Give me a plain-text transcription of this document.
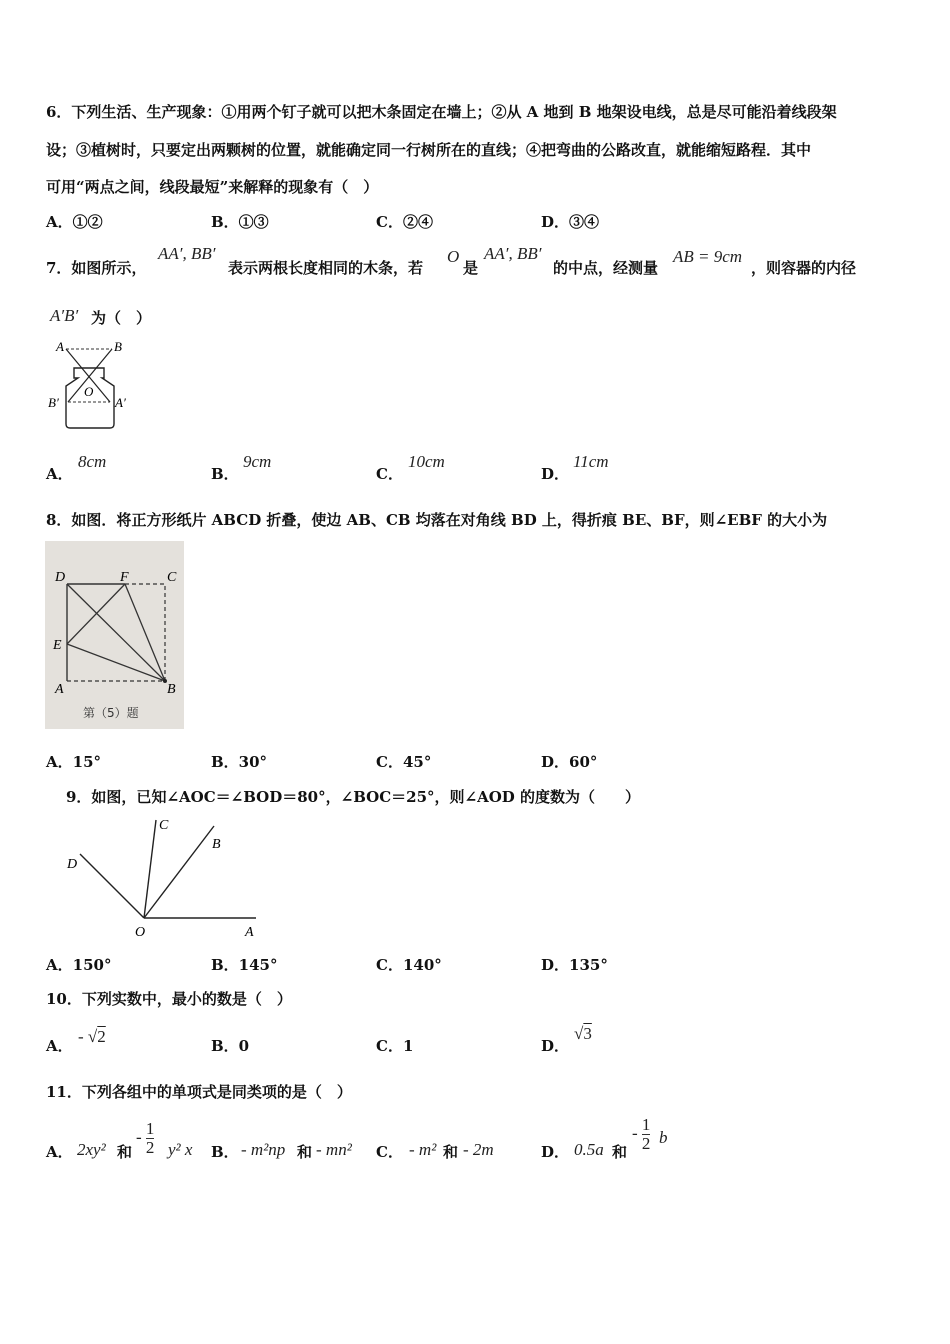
6．下列生活、生产现象：①用两个钉子就可以把木条固定在墙上；②从 A 地到 B 地架设电线，总是尽可能沿着线段架
设；③植树时，只要定出两颗树的位置，就能确定同一行树所在的直线；④把弯曲的公路改直，就能缩短路程．其中
可用“两点之间，线段最短”来解释的现象有（　）
A．①②	B．①③	C．②④	D．③④
7．如图所示，
AA′, BB′
表示两根长度相同的木条，若
O
是
AA′, BB′
的中点，经测量
AB = 9cm
，则容器的内径
A′B′ 为（　）
A	B
O
B′	A′
A．
8cm
B．
9cm
C．
10cm
D．
11cm
8．如图．将正方形纸片 ABCD 折叠，使边 AB、CB 均落在对角线 BD 上，得折痕 BE、BF，则∠EBF 的大小为
D	F	C
E
A	B
第（5）题
A．15°	B．30°	C．45°	D．60°
9．如图，已知∠AOC＝∠BOD＝80°，∠BOC＝25°，则∠AOD 的度数为（　　）
C
B
D
O	A
A．150°	B．145°	C．140°	D．135°
10．下列实数中，最小的数是（　）
A． - √2	B．0	C．1	D．
√3
11．下列各组中的单项式是同类项的是（　）
A． 2xy² 和
- $\frac{1}{2} y^2$ x B． - m²np 和 - mn² C． - m² 和 - 2m	D． 0.5a 和
- $\frac{1}{2}$ b
